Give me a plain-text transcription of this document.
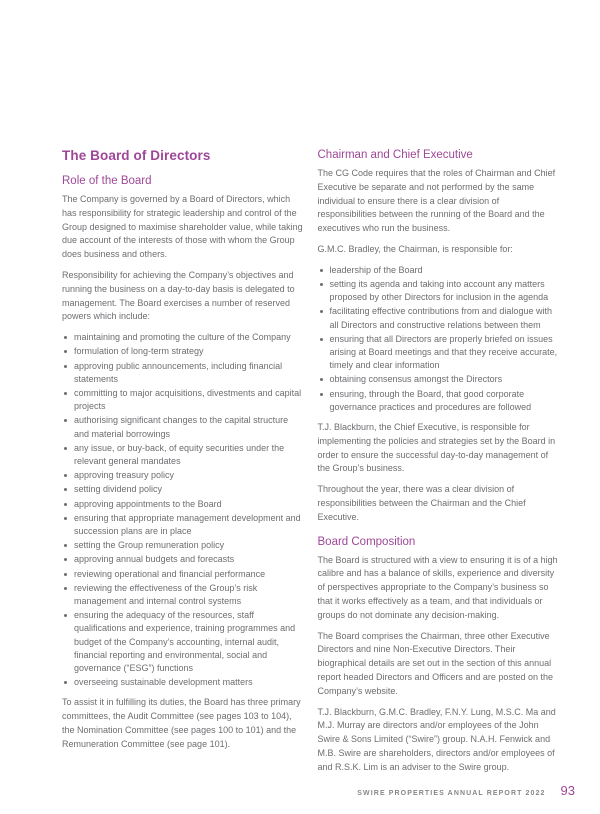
The Board of Directors
Role of the Board

The Company is governed by a Board of Directors, which has responsibility for strategic leadership and control of the Group designed to maximise shareholder value, while taking due account of the interests of those with whom the Group does business and others.

Responsibility for achieving the Company’s objectives and running the business on a day-to-day basis is delegated to management. The Board exercises a number of reserved powers which include:

maintaining and promoting the culture of the Company
formulation of long-term strategy
approving public announcements, including financial statements
committing to major acquisitions, divestments and capital projects
authorising significant changes to the capital structure and material borrowings
any issue, or buy-back, of equity securities under the relevant general mandates
approving treasury policy
setting dividend policy
approving appointments to the Board
ensuring that appropriate management development and succession plans are in place
setting the Group remuneration policy
approving annual budgets and forecasts
reviewing operational and financial performance
reviewing the effectiveness of the Group’s risk management and internal control systems
ensuring the adequacy of the resources, staff qualifications and experience, training programmes and budget of the Company’s accounting, internal audit, financial reporting and environmental, social and governance (“ESG”) functions
overseeing sustainable development matters

To assist it in fulfilling its duties, the Board has three primary committees, the Audit Committee (see pages 103 to 104), the Nomination Committee (see pages 100 to 101) and the Remuneration Committee (see page 101).

Chairman and Chief Executive

The CG Code requires that the roles of Chairman and Chief Executive be separate and not performed by the same individual to ensure there is a clear division of responsibilities between the running of the Board and the executives who run the business.

G.M.C. Bradley, the Chairman, is responsible for:

leadership of the Board
setting its agenda and taking into account any matters proposed by other Directors for inclusion in the agenda
facilitating effective contributions from and dialogue with all Directors and constructive relations between them
ensuring that all Directors are properly briefed on issues arising at Board meetings and that they receive accurate, timely and clear information
obtaining consensus amongst the Directors
ensuring, through the Board, that good corporate governance practices and procedures are followed

T.J. Blackburn, the Chief Executive, is responsible for implementing the policies and strategies set by the Board in order to ensure the successful day-to-day management of the Group’s business.

Throughout the year, there was a clear division of responsibilities between the Chairman and the Chief Executive.

Board Composition

The Board is structured with a view to ensuring it is of a high calibre and has a balance of skills, experience and diversity of perspectives appropriate to the Company’s business so that it works effectively as a team, and that individuals or groups do not dominate any decision-making.

The Board comprises the Chairman, three other Executive Directors and nine Non-Executive Directors. Their biographical details are set out in the section of this annual report headed Directors and Officers and are posted on the Company’s website.

T.J. Blackburn, G.M.C. Bradley, F.N.Y. Lung, M.S.C. Ma and M.J. Murray are directors and/or employees of the John Swire & Sons Limited (“Swire”) group. N.A.H. Fenwick and M.B. Swire are shareholders, directors and/or employees of and R.S.K. Lim is an adviser to the Swire group.

SWIRE PROPERTIES ANNUAL REPORT 2022 93
